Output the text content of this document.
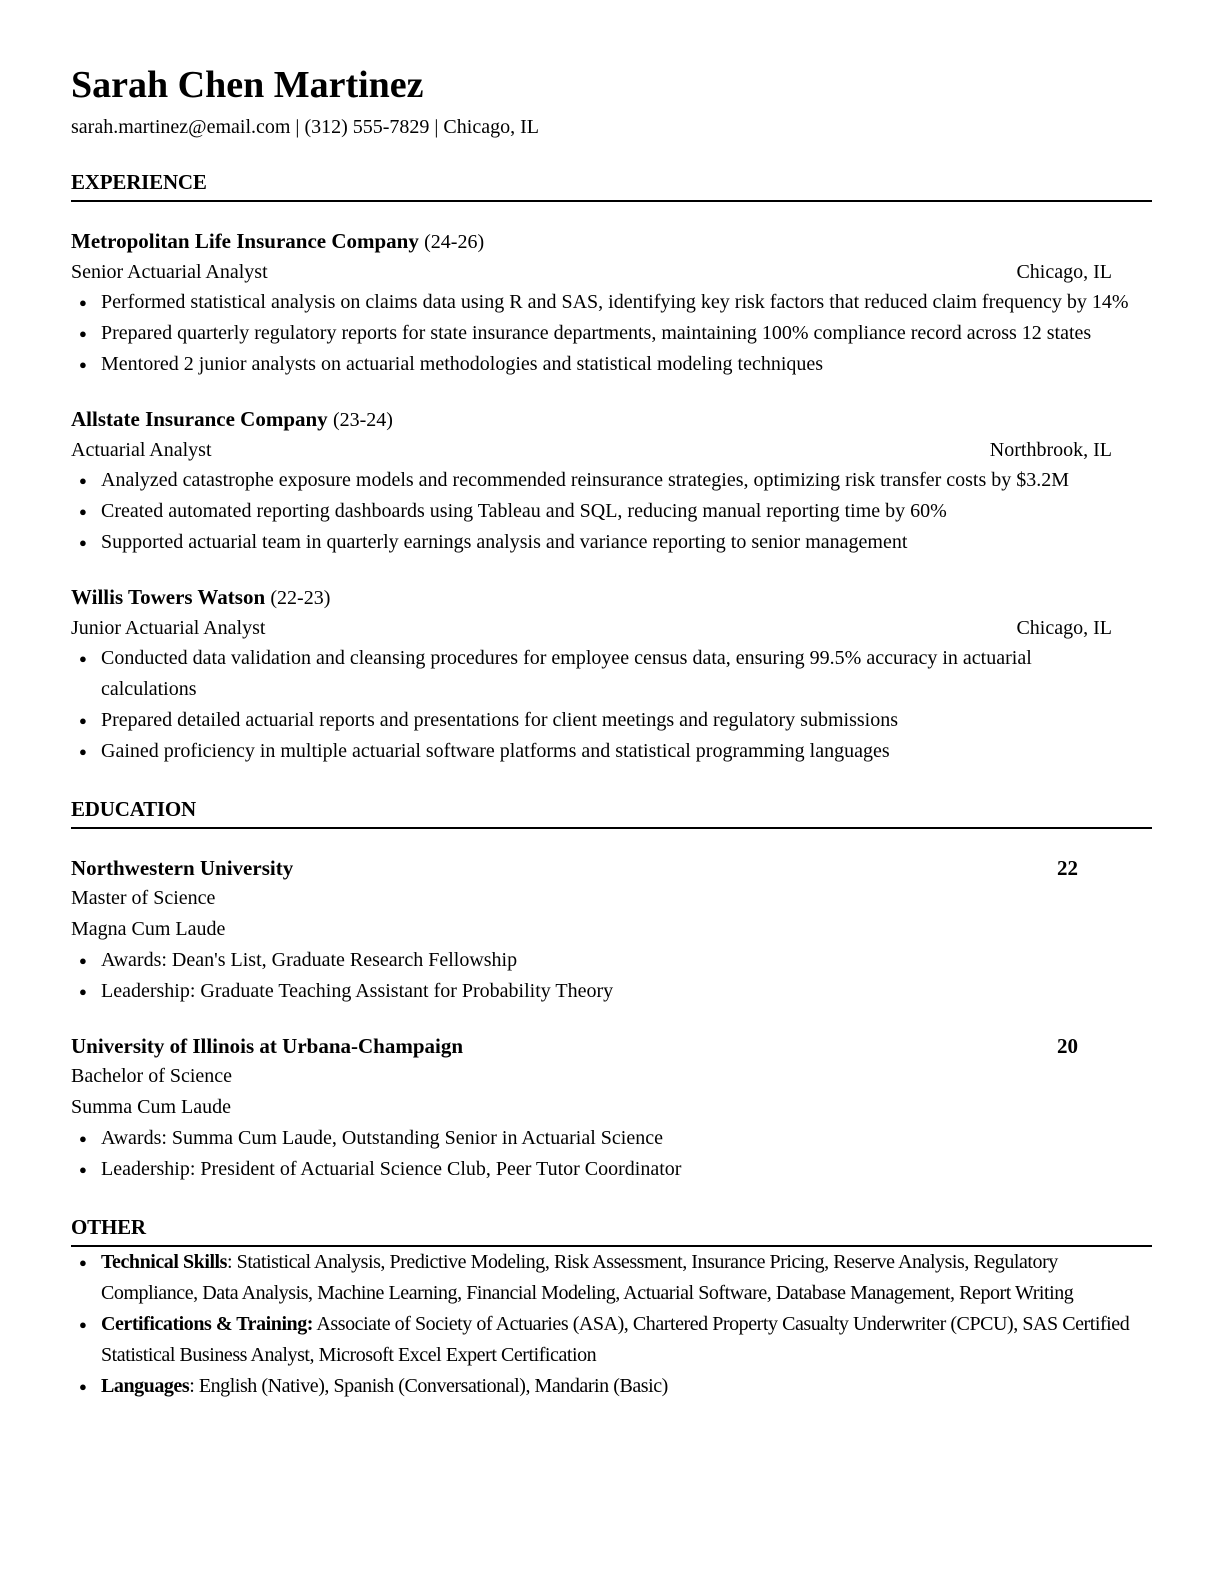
Sarah Chen Martinez
sarah.martinez@email.com | (312) 555-7829 | Chicago, IL
EXPERIENCE
Metropolitan Life Insurance Company (24-26)
Senior Actuarial Analyst	Chicago, IL
● Performed statistical analysis on claims data using R and SAS, identifying key risk factors that reduced claim frequency by 14%
● Prepared quarterly regulatory reports for state insurance departments, maintaining 100% compliance record across 12 states
● Mentored 2 junior analysts on actuarial methodologies and statistical modeling techniques
Allstate Insurance Company (23-24)
Actuarial Analyst	Northbrook, IL
● Analyzed catastrophe exposure models and recommended reinsurance strategies, optimizing risk transfer costs by $3.2M
● Created automated reporting dashboards using Tableau and SQL, reducing manual reporting time by 60%
● Supported actuarial team in quarterly earnings analysis and variance reporting to senior management
Willis Towers Watson (22-23)
Junior Actuarial Analyst	Chicago, IL
● Conducted data validation and cleansing procedures for employee census data, ensuring 99.5% accuracy in actuarial calculations
● Prepared detailed actuarial reports and presentations for client meetings and regulatory submissions
● Gained proficiency in multiple actuarial software platforms and statistical programming languages
EDUCATION
Northwestern University	22
Master of Science
Magna Cum Laude
● Awards: Dean's List, Graduate Research Fellowship
● Leadership: Graduate Teaching Assistant for Probability Theory
University of Illinois at Urbana-Champaign	20
Bachelor of Science
Summa Cum Laude
● Awards: Summa Cum Laude, Outstanding Senior in Actuarial Science
● Leadership: President of Actuarial Science Club, Peer Tutor Coordinator
OTHER
● Technical Skills: Statistical Analysis, Predictive Modeling, Risk Assessment, Insurance Pricing, Reserve Analysis, Regulatory Compliance, Data Analysis, Machine Learning, Financial Modeling, Actuarial Software, Database Management, Report Writing
● Certifications & Training: Associate of Society of Actuaries (ASA), Chartered Property Casualty Underwriter (CPCU), SAS Certified Statistical Business Analyst, Microsoft Excel Expert Certification
● Languages: English (Native), Spanish (Conversational), Mandarin (Basic)
